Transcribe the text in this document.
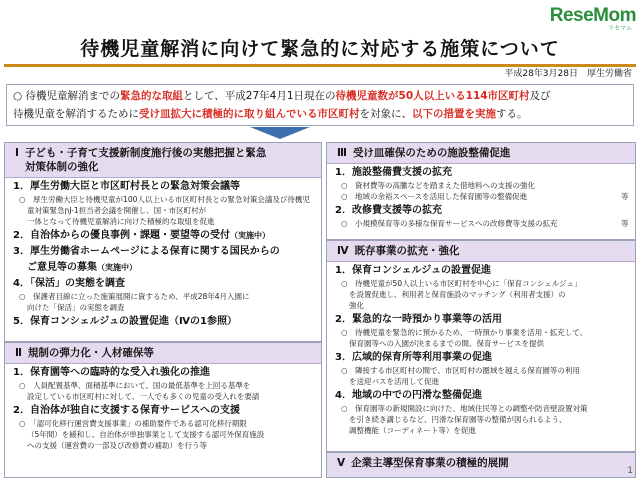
ReseMom
リセマム
待機児童解消に向けて緊急的に対応する施策について
平成28年3月28日　厚生労働省
○ 待機児童解消までの緊急的な取組として、平成27年4月1日現在の待機児童数が50人以上いる114市区町村及び
待機児童を解消するために受け皿拡大に積極的に取り組んでいる市区町村を対象に、以下の措置を実施する。
Ⅰ 子ども・子育て支援新制度施行後の実態把握と緊急
対策体制の強化
1．厚生労働大臣と市区町村長との緊急対策会議等
○　厚生労働大臣と待機児童が100人以上いる市区町村長との緊急対策会議及び待機児童対策緊急րJ-1担当者会議を開催し、国・市区町村が
一体となって待機児童解消に向けた積極的な取組を促進
2．自治体からの優良事例・課題・要望等の受付（実施中）
3．厚生労働省ホームページによる保育に関する国民からの
ご意見等の募集（実施中）
4．「保活」の実態を調査
○　保護者目線に立った施策展開に資するため、平成28年4月入園に
向けた「保活」の実態を調査
5．保育コンシェルジュの設置促進（Ⅳの1参照）
Ⅱ 規制の弾力化・人材確保等
1．保育園等への臨時的な受入れ強化の推進
○　人員配置基準、面積基準において、国の最低基準を上回る基準を
設定している市区町村に対して、一人でも多くの児童の受入れを要請
2．自治体が独自に支援する保育サービスへの支援
○　「認可化移行運営費支援事業」の補助要件である認可化移行期限
（5年間）を緩和し、自治体が単独事業として支援する認可外保育施設
への支援（運営費の一部及び改修費の補助）を行う等
Ⅲ 受け皿確保のための施設整備促進
1．施設整備費支援の拡充
○　資材費等の高騰などを踏まえた借地料への支援の強化
○　地域の余裕スペースを活用した保育園等の整備促進	等
2．改修費支援等の拡充
○　小規模保育等の多様な保育サービスへの改修費等支援の拡充	等
Ⅳ 既存事業の拡充・強化
1．保育コンシェルジュの設置促進
○　待機児童が50人以上いる市区町村を中心に「保育コンシェルジュ」
を設置促進し、利用者と保育施設のマッチング（利用者支援）の
強化
2．緊急的な一時預かり事業等の活用
○　待機児童を緊急的に預かるため、一時預かり事業を活用・拡充して、
保育園等への入園が決まるまでの間、保育サービスを提供
3．広域的保育所等利用事業の促進
○　隣接する市区町村の間で、市区町村の圏域を越える保育園等の利用
を送迎バスを活用して促進
4．地域の中での円滑な整備促進
○　保育園等の新規開設に向けた、地域住民等との調整や防音壁設置対策
を引き続き講じるなど、円滑な保育園等の整備が図られるよう、
調整機能（コーディネート等）を促進
Ⅴ 企業主導型保育事業の積極的展開
1
